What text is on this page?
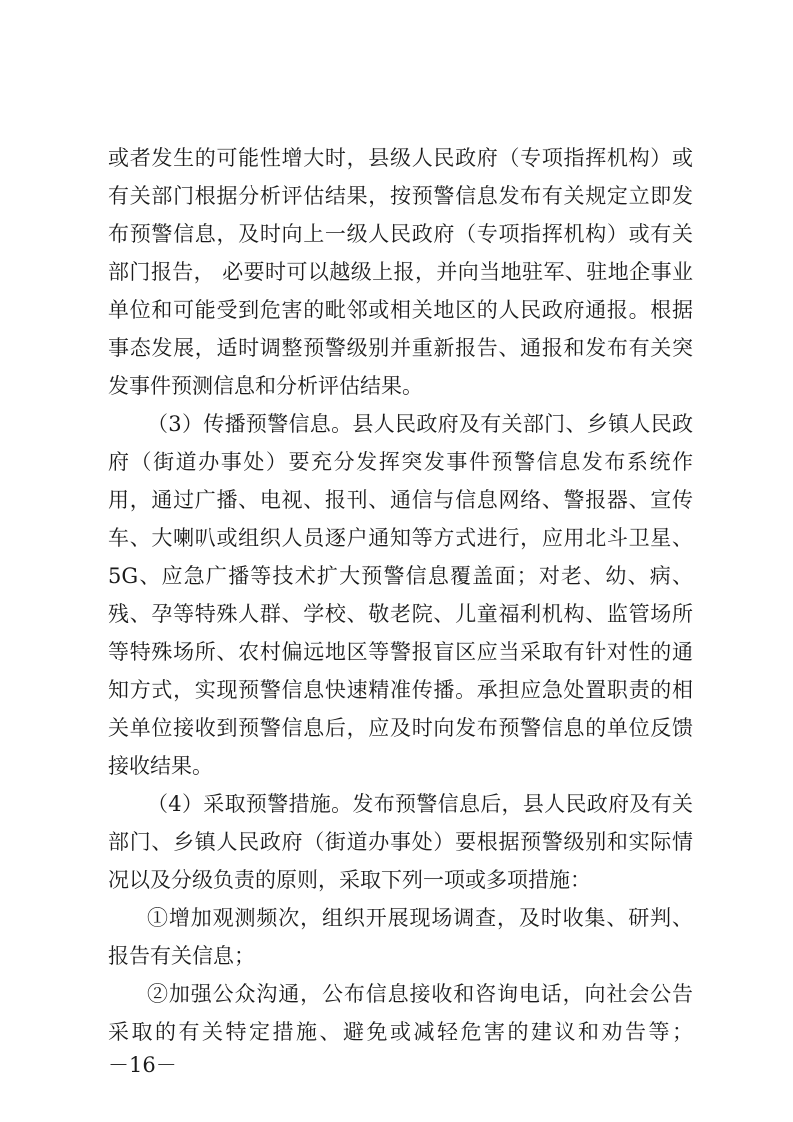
或者发生的可能性增大时，县级人民政府（专项指挥机构）或
有关部门根据分析评估结果，按预警信息发布有关规定立即发
布预警信息，及时向上一级人民政府（专项指挥机构）或有关
部门报告， 必要时可以越级上报，并向当地驻军、驻地企事业
单位和可能受到危害的毗邻或相关地区的人民政府通报。根据
事态发展，适时调整预警级别并重新报告、通报和发布有关突
发事件预测信息和分析评估结果。
（3）传播预警信息。县人民政府及有关部门、乡镇人民政
府（街道办事处）要充分发挥突发事件预警信息发布系统作
用，通过广播、电视、报刊、通信与信息网络、警报器、宣传
车、大喇叭或组织人员逐户通知等方式进行，应用北斗卫星、
5G、应急广播等技术扩大预警信息覆盖面；对老、幼、病、
残、孕等特殊人群、学校、敬老院、儿童福利机构、监管场所
等特殊场所、农村偏远地区等警报盲区应当采取有针对性的通
知方式，实现预警信息快速精准传播。承担应急处置职责的相
关单位接收到预警信息后，应及时向发布预警信息的单位反馈
接收结果。
（4）采取预警措施。发布预警信息后，县人民政府及有关
部门、乡镇人民政府（街道办事处）要根据预警级别和实际情
况以及分级负责的原则，采取下列一项或多项措施：
①增加观测频次，组织开展现场调查，及时收集、研判、
报告有关信息；
②加强公众沟通，公布信息接收和咨询电话，向社会公告
采取的有关特定措施、避免或减轻危害的建议和劝告等；
－16－
